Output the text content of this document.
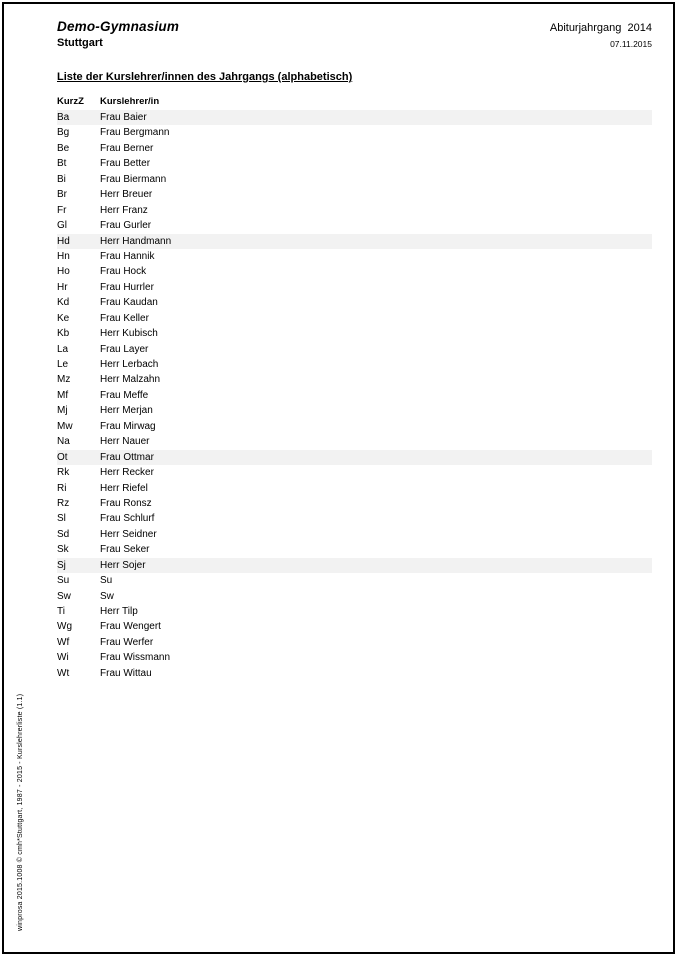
Demo-Gymnasium
Stuttgart
Abiturjahrgang  2014
07.11.2015
Liste der Kurslehrer/innen des Jahrgangs (alphabetisch)
KurzZ	Kurslehrer/in
Ba	Frau Baier
Bg	Frau Bergmann
Be	Frau Berner
Bt	Frau Better
Bi	Frau Biermann
Br	Herr Breuer
Fr	Herr Franz
Gl	Frau Gurler
Hd	Herr Handmann
Hn	Frau Hannik
Ho	Frau Hock
Hr	Frau Hurrler
Kd	Frau Kaudan
Ke	Frau Keller
Kb	Herr Kubisch
La	Frau Layer
Le	Herr Lerbach
Mz	Herr Malzahn
Mf	Frau Meffe
Mj	Herr Merjan
Mw	Frau Mirwag
Na	Herr Nauer
Ot	Frau Ottmar
Rk	Herr Recker
Ri	Herr Riefel
Rz	Frau Ronsz
Sl	Frau Schlurf
Sd	Herr Seidner
Sk	Frau Seker
Sj	Herr Sojer
Su	Su
Sw	Sw
Ti	Herr Tilp
Wg	Frau Wengert
Wf	Frau Werfer
Wi	Frau Wissmann
Wt	Frau Wittau
winprosa 2015.1008 © cmh*Stuttgart, 1987 - 2015 - Kurslehrerliste (1.1)
